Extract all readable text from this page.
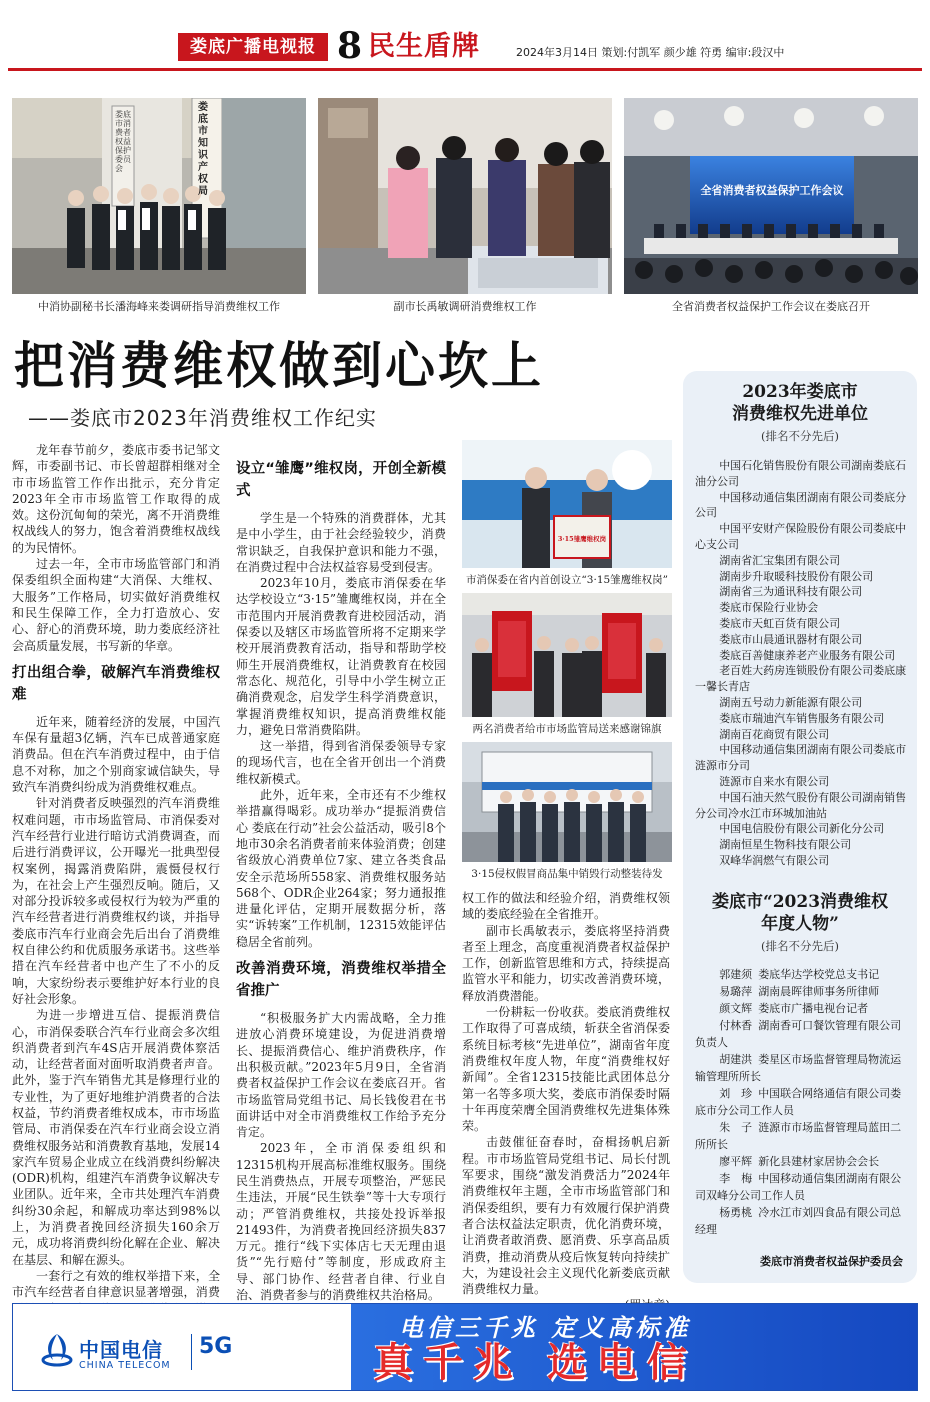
娄底广播电视报 8 民生盾牌	2024年3月14日 策划:付凯军 颜少雄 符勇 编审:段汉中
娄底市消费者权益保护委员会
娄底市知识产权局
中消协副秘书长潘海峰来娄调研指导消费维权工作	副市长禹敏调研消费维权工作
全省消费者权益保护工作会议
全省消费者权益保护工作会议在娄底召开
把消费维权做到心坎上
——娄底市2023年消费维权工作纪实

龙年春节前夕，娄底市委书记邹文辉，市委副书记、市长曾超群相继对全市市场监管工作作出批示，充分肯定2023年全市市场监管工作取得的成效。这份沉甸甸的荣光，离不开消费维权战线人的努力，饱含着消费维权战线的为民情怀。

过去一年，全市市场监管部门和消保委组织全面构建“大消保、大维权、大服务”工作格局，切实做好消费维权和民生保障工作，全力打造放心、安心、舒心的消费环境，助力娄底经济社会高质量发展，书写新的华章。

打出组合拳，破解汽车消费维权难

近年来，随着经济的发展，中国汽车保有量超3亿辆，汽车已成普通家庭消费品。但在汽车消费过程中，由于信息不对称，加之个别商家诚信缺失，导致汽车消费纠纷成为消费维权难点。

针对消费者反映强烈的汽车消费维权难问题，市市场监管局、市消保委对汽车经营行业进行暗访式消费调查，而后进行消费评议，公开曝光一批典型侵权案例，揭露消费陷阱，震慑侵权行为，在社会上产生强烈反响。随后，又对部分投诉较多或侵权行为较为严重的汽车经营者进行消费维权约谈，并指导娄底市汽车行业商会先后出台了消费维权自律公约和优质服务承诺书。这些举措在汽车经营者中也产生了不小的反响，大家纷纷表示要维护好本行业的良好社会形象。

为进一步增进互信、提振消费信心，市消保委联合汽车行业商会多次组织消费者到汽车4S店开展消费体察活动，让经营者面对面听取消费者声音。此外，鉴于汽车销售尤其是修理行业的专业性，为了更好地维护消费者的合法权益，节约消费者维权成本，市市场监管局、市消保委在汽车行业商会设立消费维权服务站和消费教育基地，发展14家汽车贸易企业成立在线消费纠纷解决(ODR)机构，组建汽车消费争议解决专业团队。近年来，全市共处理汽车消费纠纷30余起，和解成功率达到98%以上，为消费者挽回经济损失160余万元，成功将消费纠纷化解在企业、解决在基层、和解在源头。

一套行之有效的维权举措下来，全市汽车经营者自律意识显著增强，消费

设立“雏鹰”维权岗，开创全新模式

学生是一个特殊的消费群体，尤其是中小学生，由于社会经验较少，消费常识缺乏，自我保护意识和能力不强，在消费过程中合法权益容易受到侵害。

2023年10月，娄底市消保委在华达学校设立“3·15”雏鹰维权岗，并在全市范围内开展消费教育进校园活动，消保委以及辖区市场监管所将不定期来学校开展消费教育活动，指导和帮助学校师生开展消费维权，让消费教育在校园常态化、规范化，引导中小学生树立正确消费观念，启发学生科学消费意识，掌握消费维权知识，提高消费维权能力，避免日常消费陷阱。

这一举措，得到省消保委领导专家的现场代言，也在全省开创出一个消费维权新模式。

此外，近年来，全市还有不少维权举措赢得喝彩。成功举办“提振消费信心 娄底在行动”社会公益活动，吸引8个地市30余名消费者前来体验消费；创建省级放心消费单位7家、建立各类食品安全示范场所558家、消费维权服务站568个、ODR企业264家；努力通报推进量化评估，定期开展数据分析，落实“诉转案”工作机制，12315效能评估稳居全省前列。

改善消费环境，消费维权举措全省推广

“积极服务扩大内需战略，全力推进放心消费环境建设，为促进消费增长、提振消费信心、维护消费秩序，作出积极贡献。”2023年5月9日，全省消费者权益保护工作会议在娄底召开。省市场监管局党组书记、局长钱俊君在书面讲话中对全市消费维权工作给予充分肯定。

2023年，全市消保委组织和12315机构开展高标准维权服务。围绕民生消费热点，开展专项整治，严惩民生违法，开展“民生铁拳”等十大专项行动；严管消费维权，共接处投诉举报21493件，为消费者挽回经济损失837万元。推行“线下实体店七天无理由退货”“先行赔付”等制度，形成政府主导、部门协作、经营者自律、行业自治、消费者参与的消费维权共治格局。

3·15雏鹰维权岗
市消保委在省内首创设立“3·15雏鹰维权岗”
两名消费者给市市场监管局送来感谢锦旗
3·15侵权假冒商品集中销毁行动整装待发

权工作的做法和经验介绍，消费维权领域的娄底经验在全省推开。

副市长禹敏表示，娄底将坚持消费者至上理念，高度重视消费者权益保护工作，创新监管思维和方式，持续提高监管水平和能力，切实改善消费环境，释放消费潜能。

一份耕耘一份收获。娄底消费维权工作取得了可喜成绩，斩获全省消保委系统目标考核“先进单位”，湖南省年度消费维权年度人物，年度“消费维权好新闻”。全省12315技能比武团体总分第一名等多项大奖，娄底市消保委时隔十年再度荣膺全国消费维权先进集体殊荣。

击鼓催征奋春时，奋楫扬帆启新程。市市场监管局党组书记、局长付凯军要求，围绕“激发消费活力”2024年消费维权年主题，全市市场监管部门和消保委组织，要有力有效履行保护消费者合法权益法定职责，优化消费环境，让消费者敢消费、愿消费、乐享高品质消费，推动消费从疫后恢复转向持续扩大，为建设社会主义现代化新娄底贡献消费维权力量。

2023年娄底市
消费维权先进单位
(排名不分先后)
中国石化销售股份有限公司湖南娄底石油分公司
中国移动通信集团湖南有限公司娄底分公司
中国平安财产保险股份有限公司娄底中心支公司
湖南省汇宝集团有限公司
湖南步升取暖科技股份有限公司
湖南省三为通讯科技有限公司
娄底市保险行业协会
娄底市天虹百货有限公司
娄底市山晨通讯器材有限公司
娄底百善健康养老产业服务有限公司
老百姓大药房连锁股份有限公司娄底康一馨长青店
湖南五号动力新能源有限公司
娄底市瑞迪汽车销售服务有限公司
湖南百花商贸有限公司
中国移动通信集团湖南有限公司娄底市涟源市分司
涟源市自来水有限公司
中国石油天然气股份有限公司湖南销售分公司冷水江市环城加油站
中国电信股份有限公司新化分公司
湖南恒星生物科技有限公司
双峰华润燃气有限公司
娄底市“2023消费维权
年度人物”
(排名不分先后)
郭建须 娄底华达学校党总支书记
易璐萍 湖南晨晖律师事务所律师
颜文辉 娄底市广播电视台记者
付林香 湖南香可口餐饮管理有限公司负责人
胡建洪 娄星区市场监督管理局物流运输管理所所长
刘　珍 中国联合网络通信有限公司娄底市分公司工作人员
朱　子 涟源市市场监督管理局蓝田二所所长
廖平辉 新化县建材家居协会会长
李　梅 中国移动通信集团湖南有限公司双峰分公司工作人员
杨勇桃 冷水江市刘四食品有限公司总经理
娄底市消费者权益保护委员会
中国电信
CHINA TELECOM
5G
电信三千兆 定义高标准
真千兆 选电信
